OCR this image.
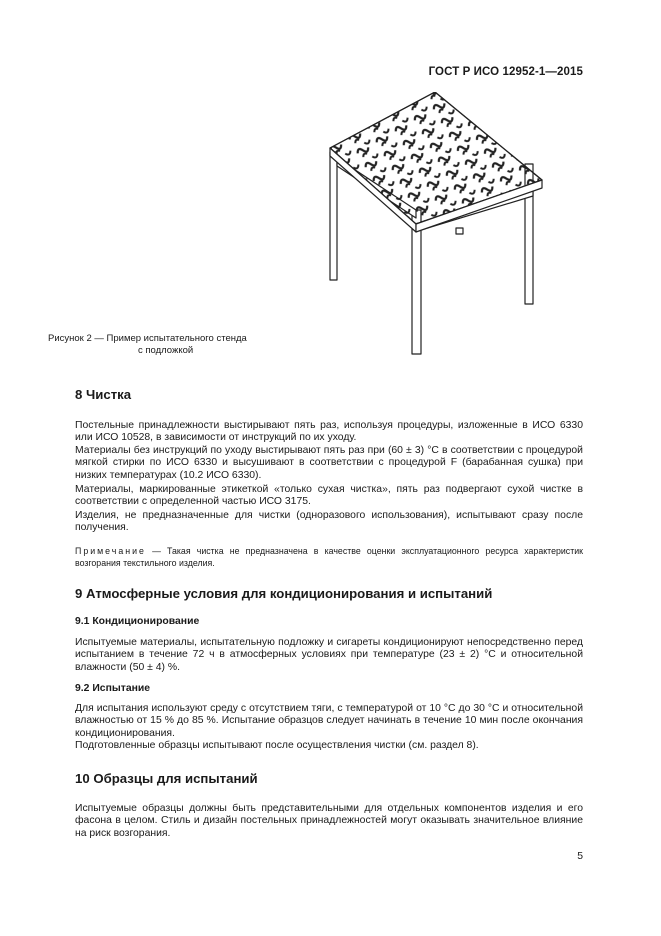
ГОСТ Р ИСО 12952-1—2015
Рисунок 2 — Пример испытательного стенда
с подложкой
8 Чистка

Постельные принадлежности выстирывают пять раз, используя процедуры, изложенные в ИСО 6330 или ИСО 10528, в зависимости от инструкций по их уходу.

Материалы без инструкций по уходу выстирывают пять раз при (60 ± 3) °С в соответствии с процедурой мягкой стирки по ИСО 6330 и высушивают в соответствии с процедурой F (барабанная сушка) при низких температурах (10.2 ИСО 6330).

Материалы, маркированные этикеткой «только сухая чистка», пять раз подвергают сухой чистке в соответствии с определенной частью ИСО 3175.

Изделия, не предназначенные для чистки (одноразового использования), испытывают сразу после получения.

Примечание — Такая чистка не предназначена в качестве оценки эксплуатационного ресурса характеристик возгорания текстильного изделия.

9 Атмосферные условия для кондиционирования и испытаний
9.1 Кондиционирование

Испытуемые материалы, испытательную подложку и сигареты кондиционируют непосредственно перед испытанием в течение 72 ч в атмосферных условиях при температуре (23 ± 2) °С и относительной влажности (50 ± 4) %.

9.2 Испытание

Для испытания используют среду с отсутствием тяги, с температурой от 10 °С до 30 °С и относительной влажностью от 15 % до 85 %. Испытание образцов следует начинать в течение 10 мин после окончания кондиционирования.

Подготовленные образцы испытывают после осуществления чистки (см. раздел 8).

10 Образцы для испытаний

Испытуемые образцы должны быть представительными для отдельных компонентов изделия и его фасона в целом. Стиль и дизайн постельных принадлежностей могут оказывать значительное влияние на риск возгорания.

5
